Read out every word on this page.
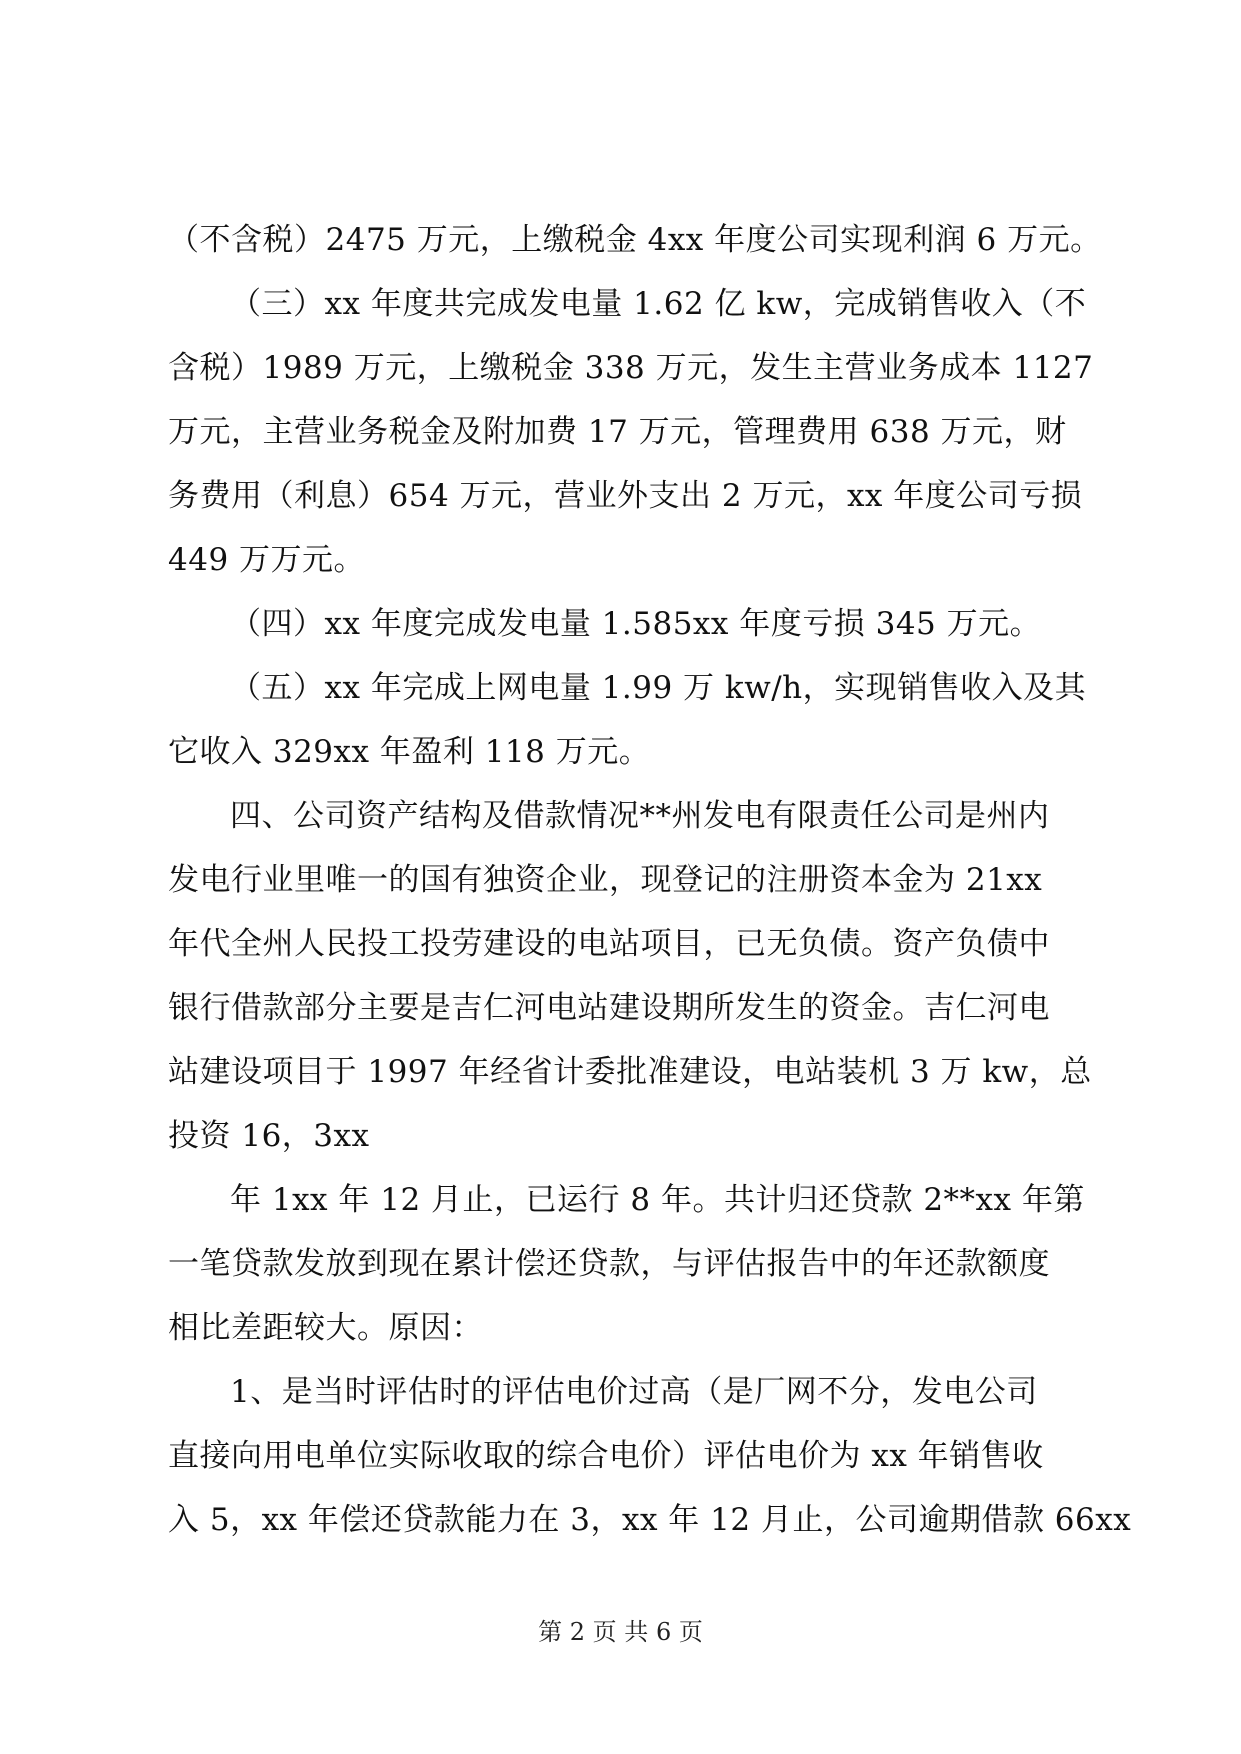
（不含税）2475 万元，上缴税金 4xx 年度公司实现利润 6 万元。
（三）xx 年度共完成发电量 1.62 亿 kw，完成销售收入（不
含税）1989 万元，上缴税金 338 万元，发生主营业务成本 1127
万元，主营业务税金及附加费 17 万元，管理费用 638 万元，财
务费用（利息）654 万元，营业外支出 2 万元，xx 年度公司亏损
449 万万元。
（四）xx 年度完成发电量 1.585xx 年度亏损 345 万元。
（五）xx 年完成上网电量 1.99 万 kw/h，实现销售收入及其
它收入 329xx 年盈利 118 万元。
四、公司资产结构及借款情况**州发电有限责任公司是州内
发电行业里唯一的国有独资企业，现登记的注册资本金为 21xx
年代全州人民投工投劳建设的电站项目，已无负债。资产负债中
银行借款部分主要是吉仁河电站建设期所发生的资金。吉仁河电
站建设项目于 1997 年经省计委批准建设，电站装机 3 万 kw，总
投资 16，3xx
年 1xx 年 12 月止，已运行 8 年。共计归还贷款 2**xx 年第
一笔贷款发放到现在累计偿还贷款，与评估报告中的年还款额度
相比差距较大。原因：
1、是当时评估时的评估电价过高（是厂网不分，发电公司
直接向用电单位实际收取的综合电价）评估电价为 xx 年销售收
入 5，xx 年偿还贷款能力在 3，xx 年 12 月止，公司逾期借款 66xx
第 2 页 共 6 页
